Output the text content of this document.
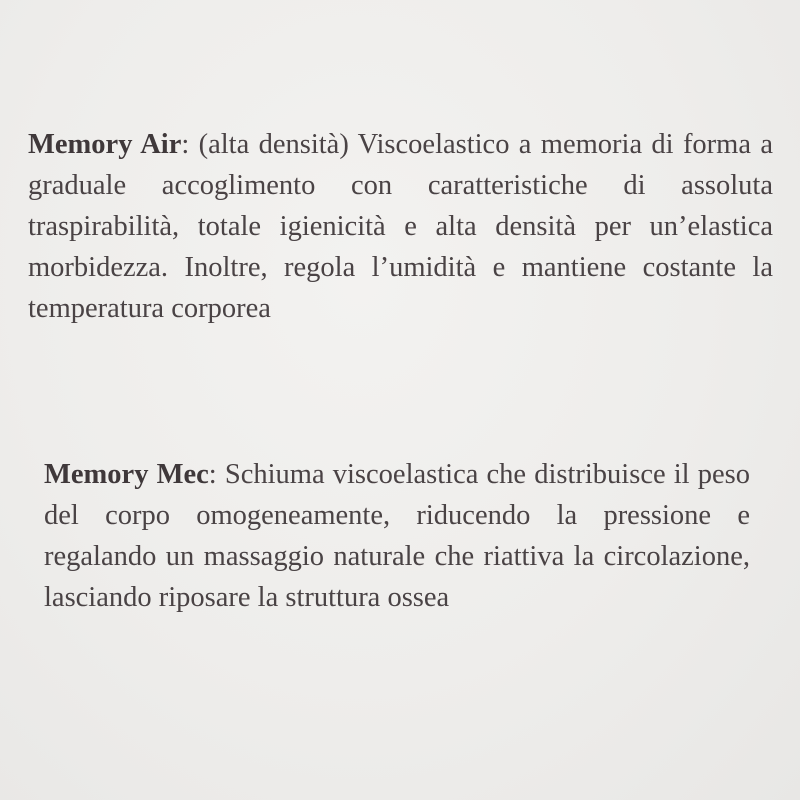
Memory Air: (alta densità) Viscoelastico a memoria di forma a graduale accoglimento con caratteristiche di assoluta traspirabilità, totale igienicità e alta densità per un’elastica morbidezza. Inoltre, regola l’umidità e mantiene costante la temperatura corporea

Memory Mec: Schiuma viscoelastica che distribuisce il peso del corpo omogeneamente, riducendo la pressione e regalando un massaggio naturale che riattiva la circolazione, lasciando riposare la struttura ossea
